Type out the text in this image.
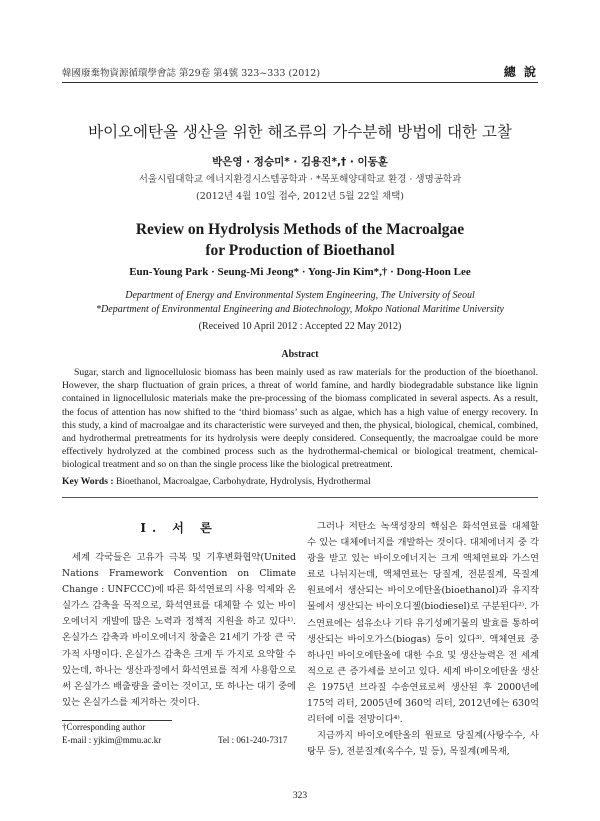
韓國廢棄物資源循環學會誌 第29卷 第4號 323~333 (2012)	總 說
바이오에탄올 생산을 위한 해조류의 가수분해 방법에 대한 고찰
박은영 · 정승미* · 김용진*,† · 이동훈
서울시립대학교 에너지환경시스템공학과 · *목포해양대학교 환경 · 생명공학과
(2012년 4월 10일 접수, 2012년 5월 22일 채택)
Review on Hydrolysis Methods of the Macroalgae
for Production of Bioethanol
Eun-Young Park · Seung-Mi Jeong* · Yong-Jin Kim*,† · Dong-Hoon Lee
Department of Energy and Environmental System Engineering, The University of Seoul
*Department of Environmental Engineering and Biotechnology, Mokpo National Maritime University
(Received 10 April 2012 : Accepted 22 May 2012)
Abstract
Sugar, starch and lignocellulosic biomass has been mainly used as raw materials for the production of the bioethanol. However, the sharp fluctuation of grain prices, a threat of world famine, and hardly biodegradable substance like lignin contained in lignocellulosic materials make the pre-processing of the biomass complicated in several aspects. As a result, the focus of attention has now shifted to the ‘third biomass’ such as algae, which has a high value of energy recovery. In this study, a kind of macroalgae and its characteristic were surveyed and then, the physical, biological, chemical, combined, and hydrothermal pretreatments for its hydrolysis were deeply considered. Consequently, the macroalgae could be more effectively hydrolyzed at the combined process such as the hydrothermal-chemical or biological treatment, chemical-biological treatment and so on than the single process like the biological pretreatment.
Key Words : Bioethanol, Macroalgae, Carbohydrate, Hydrolysis, Hydrothermal
I. 서 론

세계 각국들은 고유가 극복 및 기후변화협약(United Nations Framework Convention on Climate Change : UNFCCC)에 따른 화석연료의 사용 억제와 온실가스 감축을 목적으로, 화석연료를 대체할 수 있는 바이오에너지 개발에 많은 노력과 정책적 지원을 하고 있다¹⁾. 온실가스 감축과 바이오에너지 창출은 21세기 가장 큰 국가적 사명이다. 온실가스 감축은 크게 두 가지로 요약할 수 있는데, 하나는 생산과정에서 화석연료를 적게 사용함으로써 온실가스 배출량을 줄이는 것이고, 또 하나는 대기 중에 있는 온실가스를 제거하는 것이다.

그러나 저탄소 녹색성장의 핵심은 화석연료를 대체할 수 있는 대체에너지를 개발하는 것이다. 대체에너지 중 각광을 받고 있는 바이오에너지는 크게 액체연료와 가스연료로 나뉘지는데, 액체연료는 당질계, 전분질계, 목질계 원료에서 생산되는 바이오에탄올(bioethanol)과 유지작물에서 생산되는 바이오디젤(biodiesel)로 구분된다²⁾. 가스연료에는 섬유소나 기타 유기성폐기물의 발효를 통하여 생산되는 바이오가스(biogas) 등이 있다³⁾. 액체연료 중 하나인 바이오에탄올에 대한 수요 및 생산능력은 전 세계적으로 큰 증가세를 보이고 있다. 세계 바이오에탄올 생산은 1975년 브라질 수송연료로써 생산된 후 2000년에 175억 리터, 2005년에 360억 리터, 2012년에는 630억 리터에 이를 전망이다⁴⁾.

지금까지 바이오에탄올의 원료로 당질계(사탕수수, 사탕무 등), 전분질계(옥수수, 밀 등), 목질계(폐목재,

†Corresponding author
E-mail : yjkim@mmu.ac.kr	Tel : 061-240-7317
323
